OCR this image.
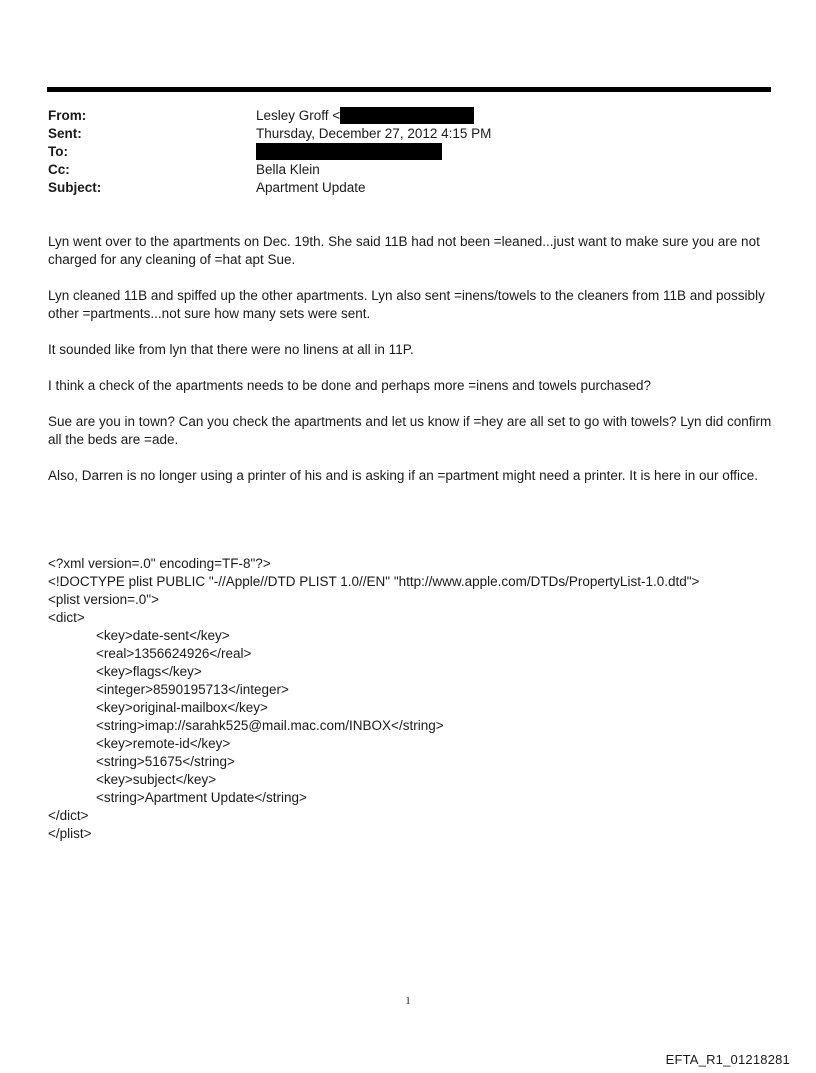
From:	Lesley Groff <
Sent:	Thursday, December 27, 2012 4:15 PM
To:
Cc:	Bella Klein
Subject:	Apartment Update

Lyn went over to the apartments on Dec. 19th. She said 11B had not been =leaned...just want to make sure you are not charged for any cleaning of =hat apt Sue.

Lyn cleaned 11B and spiffed up the other apartments. Lyn also sent =inens/towels to the cleaners from 11B and possibly other =partments...not sure how many sets were sent.

It sounded like from lyn that there were no linens at all in 11P.

I think a check of the apartments needs to be done and perhaps more =inens and towels purchased?

Sue are you in town? Can you check the apartments and let us know if =hey are all set to go with towels? Lyn did confirm all the beds are =ade.

Also, Darren is no longer using a printer of his and is asking if an =partment might need a printer. It is here in our office.

<?xml version=.0" encoding=TF-8"?>
<!DOCTYPE plist PUBLIC "-//Apple//DTD PLIST 1.0//EN" "http://www.apple.com/DTDs/PropertyList-1.0.dtd">
<plist version=.0">
<dict>
<key>date-sent</key>
<real>1356624926</real>
<key>flags</key>
<integer>8590195713</integer>
<key>original-mailbox</key>
<string>imap://sarahk525@mail.mac.com/INBOX</string>
<key>remote-id</key>
<string>51675</string>
<key>subject</key>
<string>Apartment Update</string>
</dict>
</plist>
1
EFTA_R1_01218281
